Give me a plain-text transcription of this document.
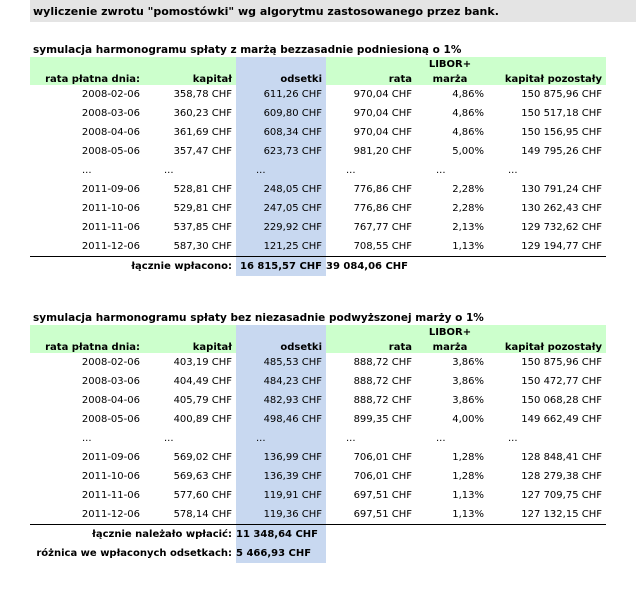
wyliczenie zwrotu "pomostówki" wg algorytmu zastosowanego przez bank.
symulacja harmonogramu spłaty z marżą bezzasadnie podniesioną o 1%
				LIBOR+	
rata płatna dnia:	kapitał	odsetki	rata	marża	kapitał pozostały
2008-02-06	358,78 CHF	611,26 CHF	970,04 CHF	4,86%	150 875,96 CHF
2008-03-06	360,23 CHF	609,80 CHF	970,04 CHF	4,86%	150 517,18 CHF
2008-04-06	361,69 CHF	608,34 CHF	970,04 CHF	4,86%	150 156,95 CHF
2008-05-06	357,47 CHF	623,73 CHF	981,20 CHF	5,00%	149 795,26 CHF
...	...	...	...	...	...
2011-09-06	528,81 CHF	248,05 CHF	776,86 CHF	2,28%	130 791,24 CHF
2011-10-06	529,81 CHF	247,05 CHF	776,86 CHF	2,28%	130 262,43 CHF
2011-11-06	537,85 CHF	229,92 CHF	767,77 CHF	2,13%	129 732,62 CHF
2011-12-06	587,30 CHF	121,25 CHF	708,55 CHF	1,13%	129 194,77 CHF
łącznie wpłacono:		16 815,57 CHF	39 084,06 CHF		
symulacja harmonogramu spłaty bez niezasadnie podwyższonej marży o 1%
				LIBOR+	
rata płatna dnia:	kapitał	odsetki	rata	marża	kapitał pozostały
2008-02-06	403,19 CHF	485,53 CHF	888,72 CHF	3,86%	150 875,96 CHF
2008-03-06	404,49 CHF	484,23 CHF	888,72 CHF	3,86%	150 472,77 CHF
2008-04-06	405,79 CHF	482,93 CHF	888,72 CHF	3,86%	150 068,28 CHF
2008-05-06	400,89 CHF	498,46 CHF	899,35 CHF	4,00%	149 662,49 CHF
...	...	...	...	...	...
2011-09-06	569,02 CHF	136,99 CHF	706,01 CHF	1,28%	128 848,41 CHF
2011-10-06	569,63 CHF	136,39 CHF	706,01 CHF	1,28%	128 279,38 CHF
2011-11-06	577,60 CHF	119,91 CHF	697,51 CHF	1,13%	127 709,75 CHF
2011-12-06	578,14 CHF	119,36 CHF	697,51 CHF	1,13%	127 132,15 CHF
łącznie należało wpłacić:		11 348,64 CHF			
różnica we wpłaconych odsetkach:		5 466,93 CHF			
